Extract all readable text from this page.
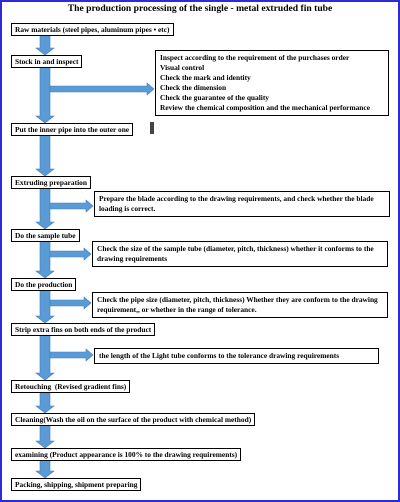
The production processing of the single - metal extruded fin tube
Raw materials (steel pipes, aluminum pipes • etc)
Stock in and inspect
Put the inner pipe into the outer one
Extruding preparation
Do the sample tube
Do the production
Strip extra fins on both ends of the product
Retouching  (Revised gradient fins)
Cleaning(Wash the oil on the surface of the product with chemical method)
examining (Product appearance is 100% to the drawing requirements)
Packing, shipping, shipment preparing
Inspect according to the requirement of the purchases order
Visual control
Check the mark and identity
Check the dimension
Check the guarantee of the quality
Review the chemical composition and the mechanical performance
Prepare the blade according to the drawing requirements, and check whether the blade loading is correct.
Check the size of the sample tube (diameter, pitch, thickness) whether it conforms to the drawing requirements
Check the pipe size (diameter, pitch, thickness) Whether they are conform to the drawing requirement,, or whether in the range of tolerance.
the length of the Light tube conforms to the tolerance drawing requirements
